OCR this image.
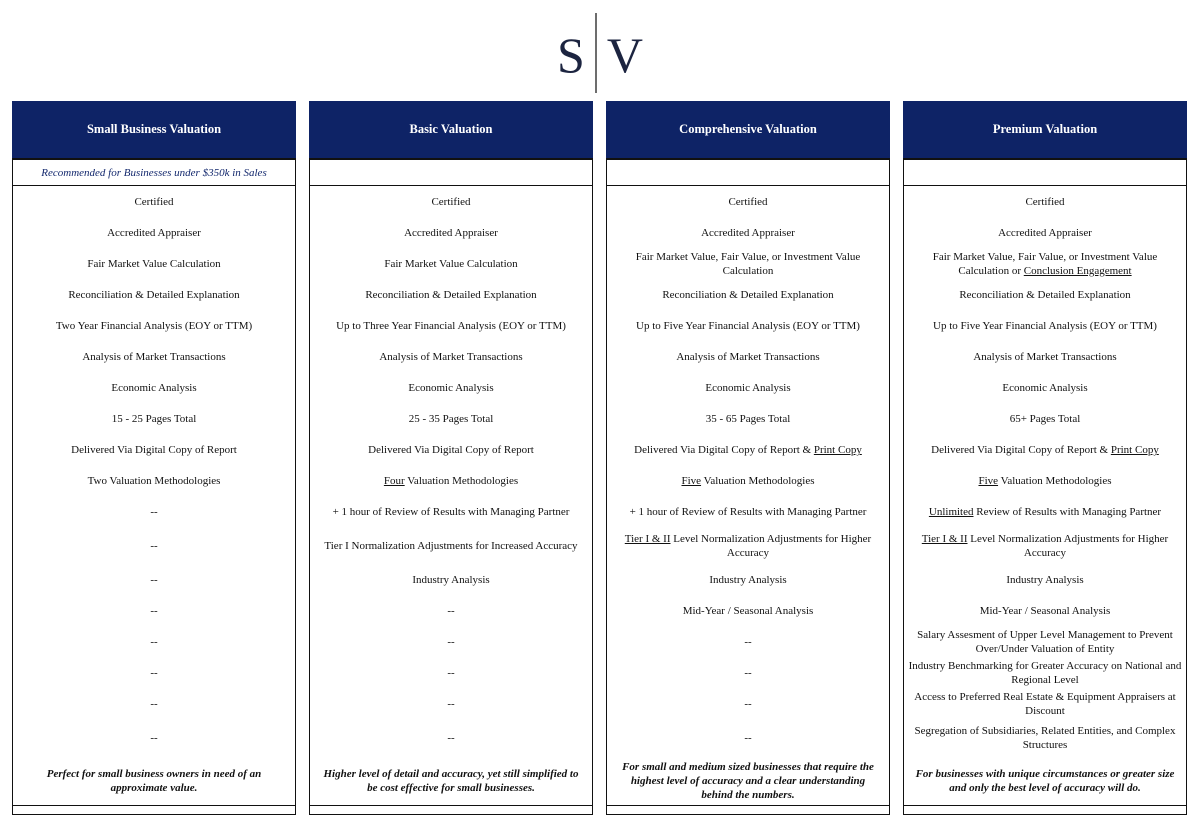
S V
Small Business Valuation
Recommended for Businesses under $350k in Sales
Certified
Accredited Appraiser
Fair Market Value Calculation
Reconciliation & Detailed Explanation
Two Year Financial Analysis (EOY or TTM)
Analysis of Market Transactions
Economic Analysis
15 - 25 Pages Total
Delivered Via Digital Copy of Report
Two Valuation Methodologies
--
--
--
--
--
--
--
--
Perfect for small business owners in need of an approximate value.
Basic Valuation
Certified
Accredited Appraiser
Fair Market Value Calculation
Reconciliation & Detailed Explanation
Up to Three Year Financial Analysis (EOY or TTM)
Analysis of Market Transactions
Economic Analysis
25 - 35 Pages Total
Delivered Via Digital Copy of Report
Four Valuation Methodologies
+ 1 hour of Review of Results with Managing Partner
Tier I Normalization Adjustments for Increased Accuracy
Industry Analysis
--
--
--
--
--
Higher level of detail and accuracy, yet still simplified to be cost effective for small businesses.
Comprehensive Valuation
Certified
Accredited Appraiser
Fair Market Value, Fair Value, or Investment Value Calculation
Reconciliation & Detailed Explanation
Up to Five Year Financial Analysis (EOY or TTM)
Analysis of Market Transactions
Economic Analysis
35 - 65 Pages Total
Delivered Via Digital Copy of Report & Print Copy
Five Valuation Methodologies
+ 1 hour of Review of Results with Managing Partner
Tier I & II Level Normalization Adjustments for Higher Accuracy
Industry Analysis
Mid-Year / Seasonal Analysis
--
--
--
--
For small and medium sized businesses that require the highest level of accuracy and a clear understanding behind the numbers.
Premium Valuation
Certified
Accredited Appraiser
Fair Market Value, Fair Value, or Investment Value Calculation or Conclusion Engagement
Reconciliation & Detailed Explanation
Up to Five Year Financial Analysis (EOY or TTM)
Analysis of Market Transactions
Economic Analysis
65+ Pages Total
Delivered Via Digital Copy of Report & Print Copy
Five Valuation Methodologies
Unlimited Review of Results with Managing Partner
Tier I & II Level Normalization Adjustments for Higher Accuracy
Industry Analysis
Mid-Year / Seasonal Analysis
Salary Assesment of Upper Level Management to Prevent Over/Under Valuation of Entity
Industry Benchmarking for Greater Accuracy on National and Regional Level
Access to Preferred Real Estate & Equipment Appraisers at Discount
Segregation of Subsidiaries, Related Entities, and Complex Structures
For businesses with unique circumstances or greater size and only the best level of accuracy will do.
